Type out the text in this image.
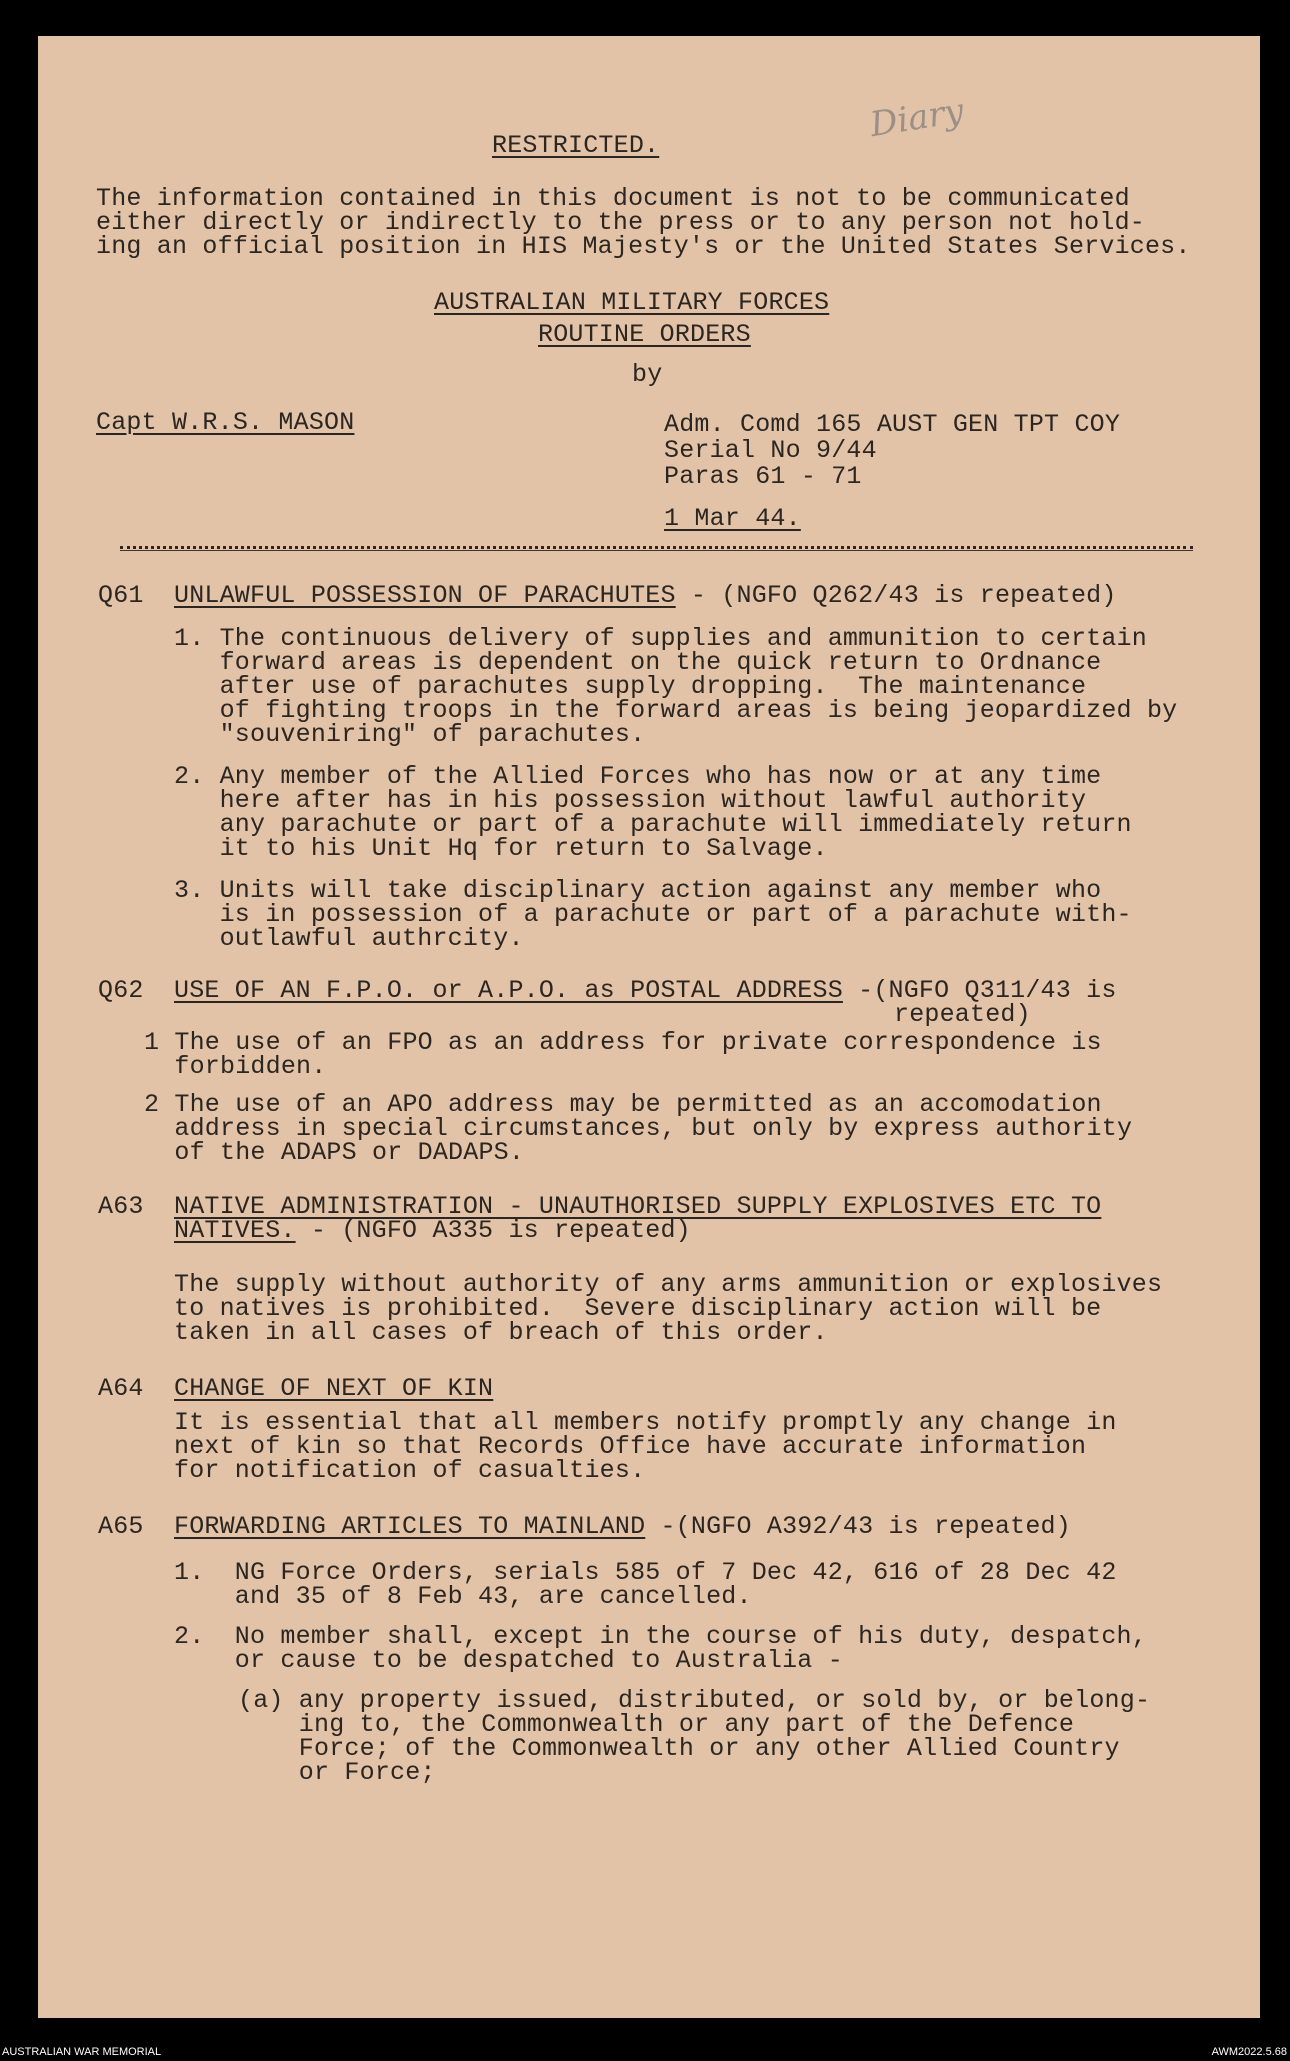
Diary
RESTRICTED.
The information contained in this document is not to be communicated
either directly or indirectly to the press or to any person not hold-
ing an official position in HIS Majesty's or the United States Services.
AUSTRALIAN MILITARY FORCES
ROUTINE ORDERS
by
Capt W.R.S. MASON	Adm. Comd 165 AUST GEN TPT COY
Serial No 9/44
Paras 61 - 71
1 Mar 44.
Q61 UNLAWFUL POSSESSION OF PARACHUTES - (NGFO Q262/43 is repeated)
1. The continuous delivery of supplies and ammunition to certain
forward areas is dependent on the quick return to Ordnance
after use of parachutes supply dropping.  The maintenance
of fighting troops in the forward areas is being jeopardized by
"souveniring" of parachutes.
2. Any member of the Allied Forces who has now or at any time
here after has in his possession without lawful authority
any parachute or part of a parachute will immediately return
it to his Unit Hq for return to Salvage.
3. Units will take disciplinary action against any member who
is in possession of a parachute or part of a parachute with-
outlawful authrcity.
Q62 USE OF AN F.P.O. or A.P.O. as POSTAL ADDRESS -(NGFO Q311/43 is
repeated)
1 The use of an FPO as an address for private correspondence is
forbidden.
2 The use of an APO address may be permitted as an accomodation
address in special circumstances, but only by express authority
of the ADAPS or DADAPS.
A63 NATIVE ADMINISTRATION - UNAUTHORISED SUPPLY EXPLOSIVES ETC TO
NATIVES. - (NGFO A335 is repeated)
The supply without authority of any arms ammunition or explosives
to natives is prohibited.  Severe disciplinary action will be
taken in all cases of breach of this order.
A64 CHANGE OF NEXT OF KIN
It is essential that all members notify promptly any change in
next of kin so that Records Office have accurate information
for notification of casualties.
A65 FORWARDING ARTICLES TO MAINLAND -(NGFO A392/43 is repeated)
1.  NG Force Orders, serials 585 of 7 Dec 42, 616 of 28 Dec 42
and 35 of 8 Feb 43, are cancelled.
2.  No member shall, except in the course of his duty, despatch,
or cause to be despatched to Australia -
(a) any property issued, distributed, or sold by, or belong-
ing to, the Commonwealth or any part of the Defence
Force; of the Commonwealth or any other Allied Country
or Force;
AUSTRALIAN WAR MEMORIAL	AWM2022.5.68
